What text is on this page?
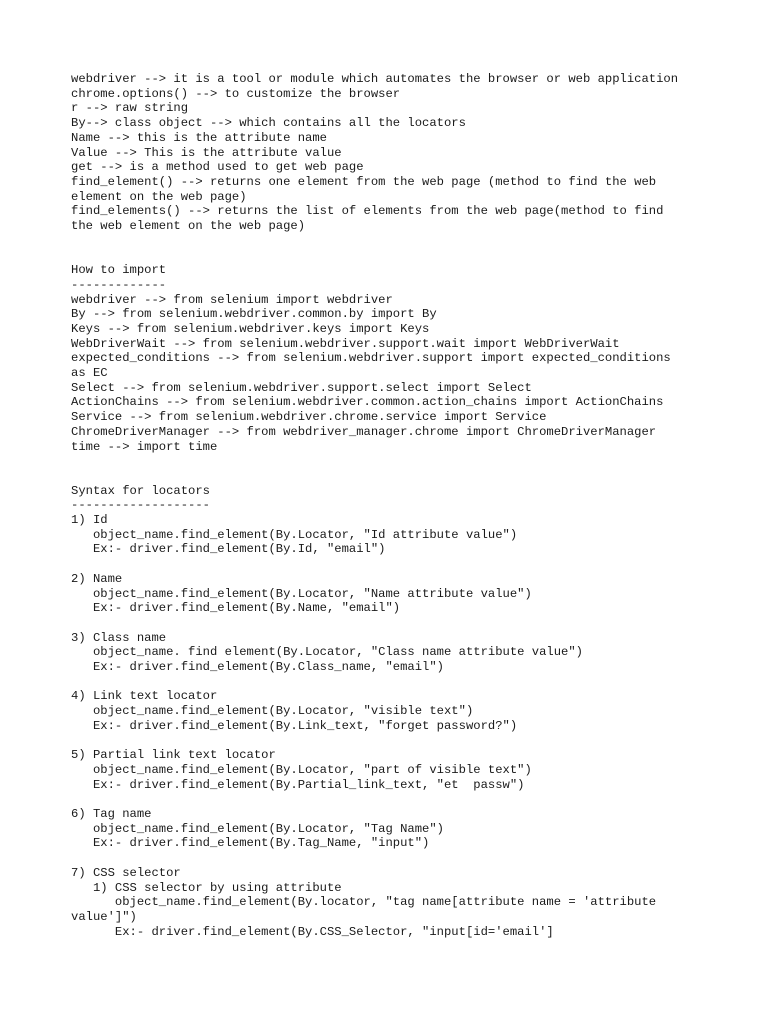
webdriver --> it is a tool or module which automates the browser or web application
chrome.options() --> to customize the browser
r --> raw string
By--> class object --> which contains all the locators
Name --> this is the attribute name
Value --> This is the attribute value
get --> is a method used to get web page
find_element() --> returns one element from the web page (method to find the web
element on the web page)
find_elements() --> returns the list of elements from the web page(method to find
the web element on the web page)
How to import
-------------
webdriver --> from selenium import webdriver
By --> from selenium.webdriver.common.by import By
Keys --> from selenium.webdriver.keys import Keys
WebDriverWait --> from selenium.webdriver.support.wait import WebDriverWait
expected_conditions --> from selenium.webdriver.support import expected_conditions
as EC
Select --> from selenium.webdriver.support.select import Select
ActionChains --> from selenium.webdriver.common.action_chains import ActionChains
Service --> from selenium.webdriver.chrome.service import Service
ChromeDriverManager --> from webdriver_manager.chrome import ChromeDriverManager
time --> import time
Syntax for locators
-------------------
1) Id
object_name.find_element(By.Locator, "Id attribute value")
Ex:- driver.find_element(By.Id, "email")
2) Name
object_name.find_element(By.Locator, "Name attribute value")
Ex:- driver.find_element(By.Name, "email")
3) Class name
object_name. find element(By.Locator, "Class name attribute value")
Ex:- driver.find_element(By.Class_name, "email")
4) Link text locator
object_name.find_element(By.Locator, "visible text")
Ex:- driver.find_element(By.Link_text, "forget password?")
5) Partial link text locator
object_name.find_element(By.Locator, "part of visible text")
Ex:- driver.find_element(By.Partial_link_text, "et  passw")
6) Tag name
object_name.find_element(By.Locator, "Tag Name")
Ex:- driver.find_element(By.Tag_Name, "input")
7) CSS selector
1) CSS selector by using attribute
object_name.find_element(By.locator, "tag name[attribute name = 'attribute
value']")
Ex:- driver.find_element(By.CSS_Selector, "input[id='email']
